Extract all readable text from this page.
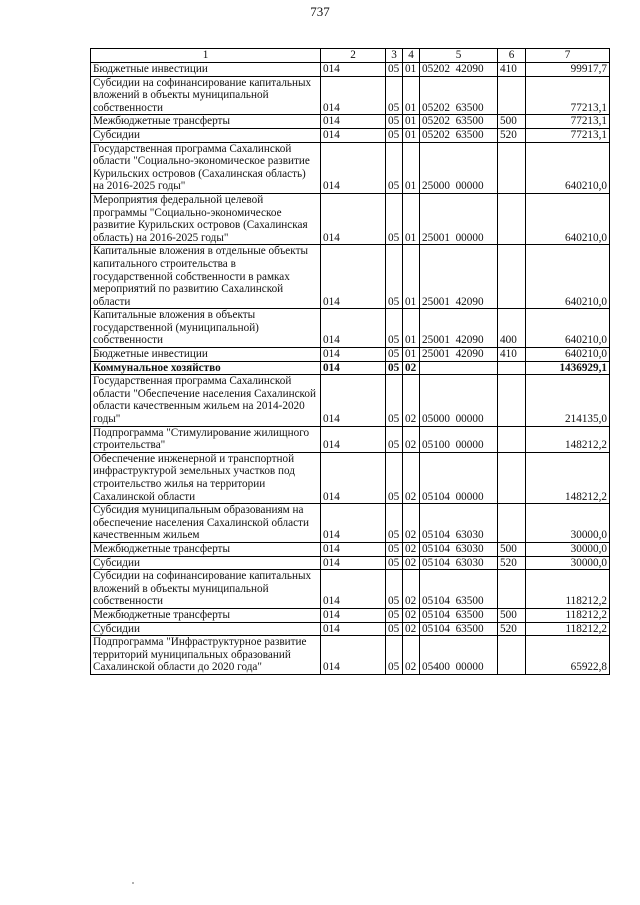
737
1	2	3	4	5	6	7
Бюджетные инвестиции	014	05	01	05202  42090	410	99917,7
Субсидии на софинансирование капитальных вложений в объекты муниципальной собственности	014	05	01	05202  63500		77213,1
Межбюджетные трансферты	014	05	01	05202  63500	500	77213,1
Субсидии	014	05	01	05202  63500	520	77213,1
Государственная программа Сахалинской области "Социально-экономическое развитие Курильских островов (Сахалинская область) на 2016-2025 годы"	014	05	01	25000  00000		640210,0
Мероприятия федеральной целевой программы "Социально-экономическое развитие Курильских островов (Сахалинская область) на 2016-2025 годы"	014	05	01	25001  00000		640210,0
Капитальные вложения в отдельные объекты капитального строительства в государственной собственности в рамках мероприятий по развитию Сахалинской области	014	05	01	25001  42090		640210,0
Капитальные вложения в объекты государственной (муниципальной) собственности	014	05	01	25001  42090	400	640210,0
Бюджетные инвестиции	014	05	01	25001  42090	410	640210,0
Коммунальное хозяйство	014	05	02			1436929,1
Государственная программа Сахалинской области "Обеспечение населения Сахалинской области качественным жильем на 2014-2020 годы"	014	05	02	05000  00000		214135,0
Подпрограмма "Стимулирование жилищного строительства"	014	05	02	05100  00000		148212,2
Обеспечение инженерной и транспортной инфраструктурой земельных участков под строительство жилья на территории Сахалинской области	014	05	02	05104  00000		148212,2
Субсидия муниципальным образованиям на обеспечение населения Сахалинской области качественным жильем	014	05	02	05104  63030		30000,0
Межбюджетные трансферты	014	05	02	05104  63030	500	30000,0
Субсидии	014	05	02	05104  63030	520	30000,0
Субсидии на софинансирование капитальных вложений в объекты муниципальной собственности	014	05	02	05104  63500		118212,2
Межбюджетные трансферты	014	05	02	05104  63500	500	118212,2
Субсидии	014	05	02	05104  63500	520	118212,2
Подпрограмма "Инфраструктурное развитие территорий муниципальных образований Сахалинской области до 2020 года"	014	05	02	05400  00000		65922,8
